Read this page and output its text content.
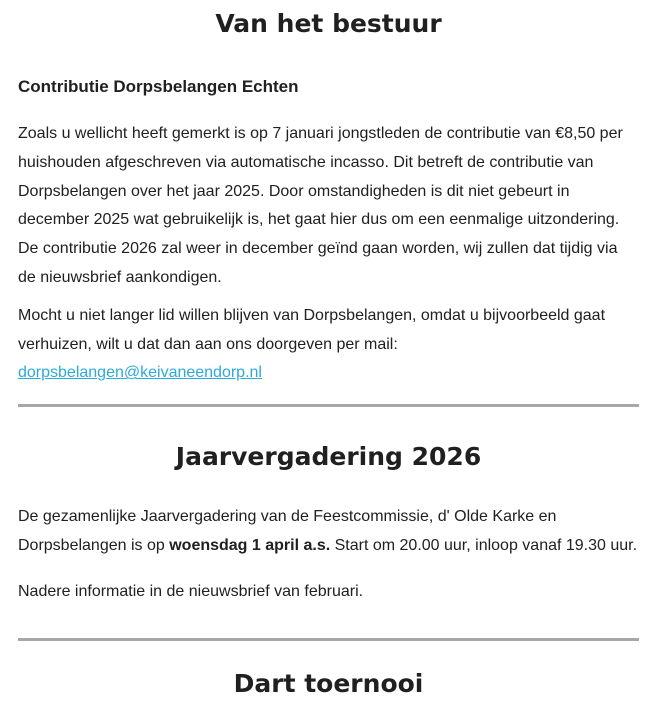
Van het bestuur
Contributie Dorpsbelangen Echten

Zoals u wellicht heeft gemerkt is op 7 januari jongstleden de contributie van €8,50 per huishouden afgeschreven via automatische incasso. Dit betreft de contributie van Dorpsbelangen over het jaar 2025. Door omstandigheden is dit niet gebeurt in december 2025 wat gebruikelijk is, het gaat hier dus om een eenmalige uitzondering. De contributie 2026 zal weer in december geïnd gaan worden, wij zullen dat tijdig via de nieuwsbrief aankondigen.

Mocht u niet langer lid willen blijven van Dorpsbelangen, omdat u bijvoorbeeld gaat verhuizen, wilt u dat dan aan ons doorgeven per mail:
dorpsbelangen@keivaneendorp.nl

Jaarvergadering 2026

De gezamenlijke Jaarvergadering van de Feestcommissie, d' Olde Karke en Dorpsbelangen is op woensdag 1 april a.s. Start om 20.00 uur, inloop vanaf 19.30 uur.

Nadere informatie in de nieuwsbrief van februari.

Dart toernooi
